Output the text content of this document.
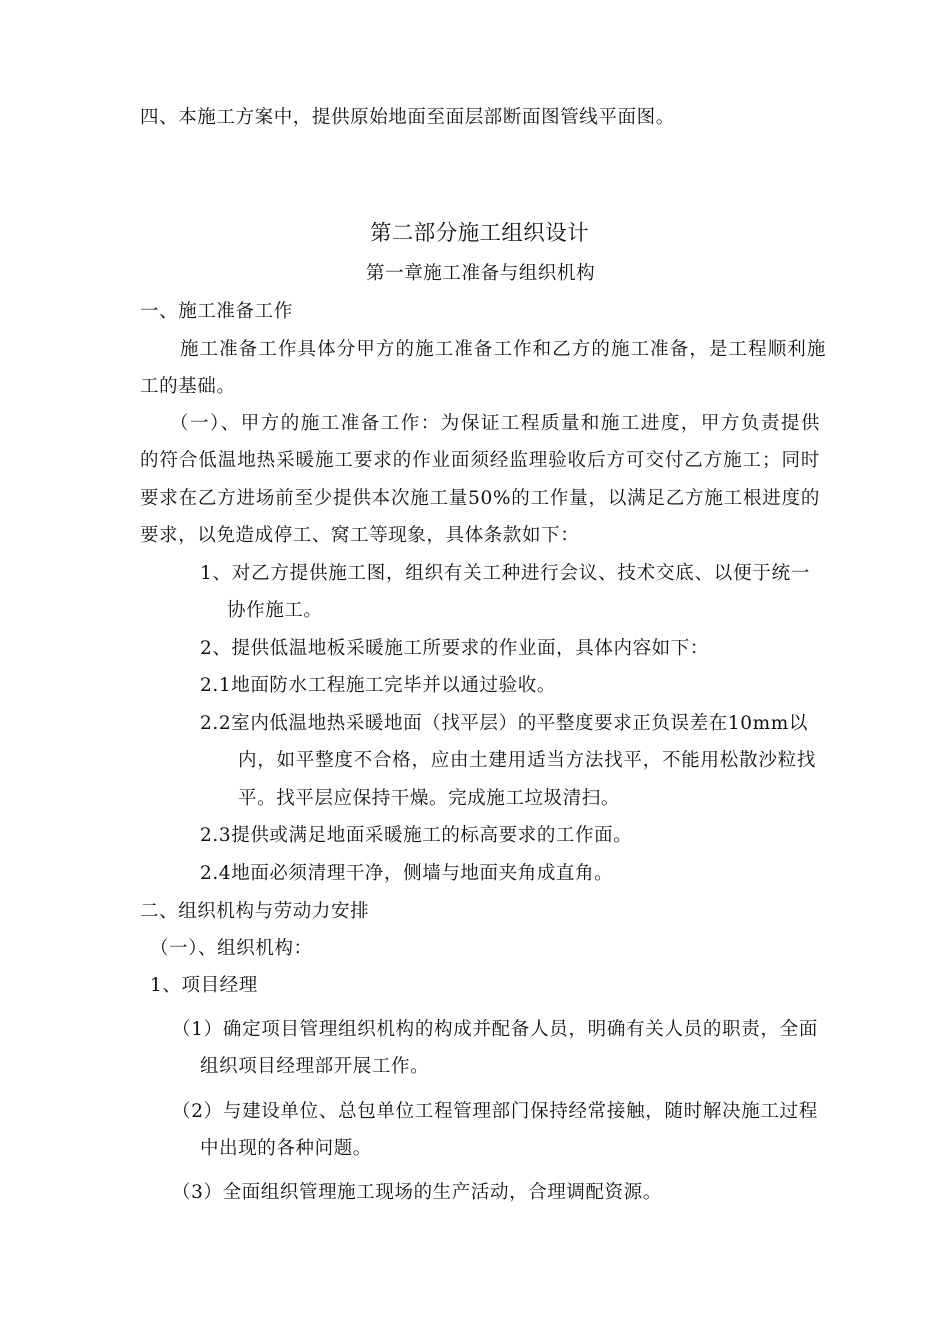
四、本施工方案中，提供原始地面至面层部断面图管线平面图。

第二部分施工组织设计

第一章施工准备与组织机构

一、施工准备工作

施工准备工作具体分甲方的施工准备工作和乙方的施工准备，是工程顺利施

工的基础。

（一）、甲方的施工准备工作：为保证工程质量和施工进度，甲方负责提供

的符合低温地热采暖施工要求的作业面须经监理验收后方可交付乙方施工；同时

要求在乙方进场前至少提供本次施工量50%的工作量，以满足乙方施工根进度的

要求，以免造成停工、窝工等现象，具体条款如下：

1、对乙方提供施工图，组织有关工种进行会议、技术交底、以便于统一

协作施工。

2、提供低温地板采暖施工所要求的作业面，具体内容如下：

2.1地面防水工程施工完毕并以通过验收。

2.2室内低温地热采暖地面（找平层）的平整度要求正负误差在10mm以

内，如平整度不合格，应由土建用适当方法找平，不能用松散沙粒找

平。找平层应保持干燥。完成施工垃圾清扫。

2.3提供或满足地面采暖施工的标高要求的工作面。

2.4地面必须清理干净，侧墙与地面夹角成直角。

二、组织机构与劳动力安排

（一）、组织机构：

1、项目经理

（1）确定项目管理组织机构的构成并配备人员，明确有关人员的职责，全面

组织项目经理部开展工作。

（2）与建设单位、总包单位工程管理部门保持经常接触，随时解决施工过程

中出现的各种问题。

（3）全面组织管理施工现场的生产活动，合理调配资源。
